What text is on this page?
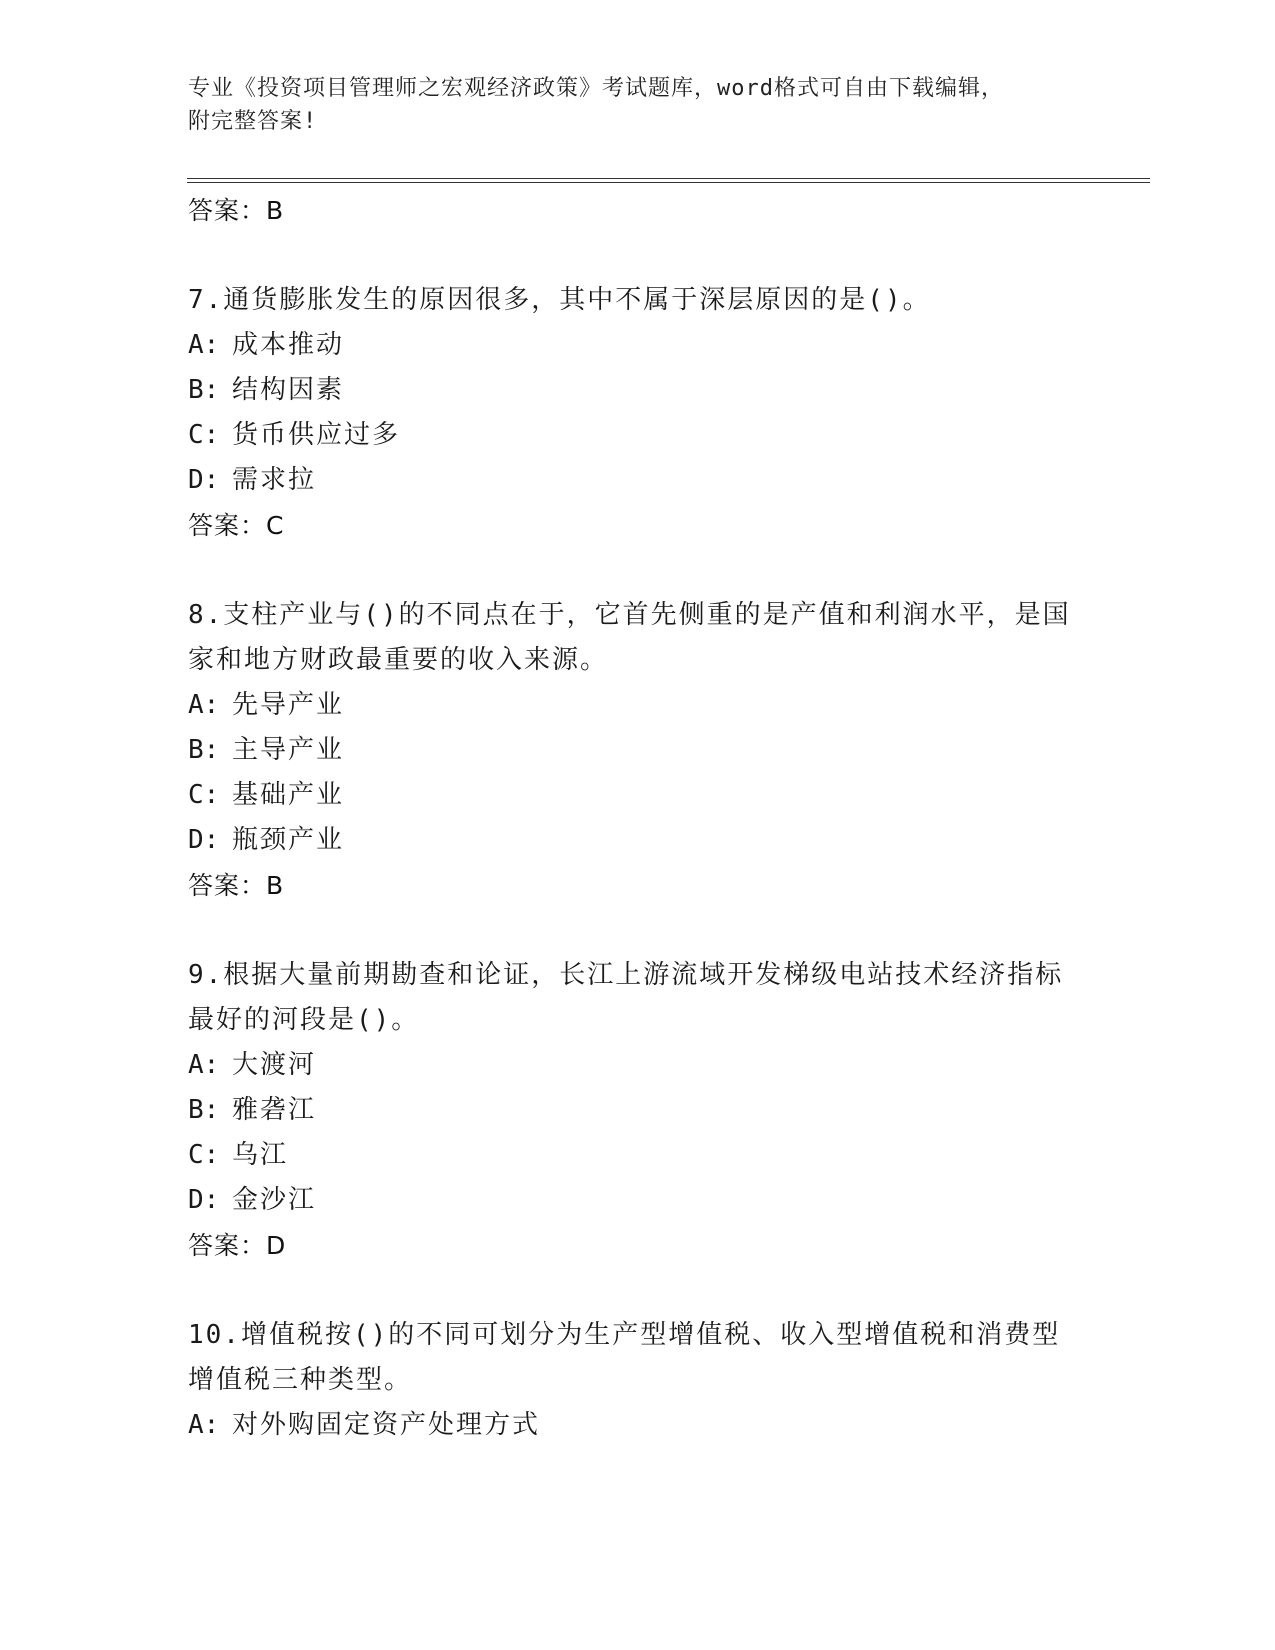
专业《投资项目管理师之宏观经济政策》考试题库，word格式可自由下载编辑，
附完整答案!
答案：B
7.通货膨胀发生的原因很多，其中不属于深层原因的是()。
A: 成本推动
B: 结构因素
C: 货币供应过多
D: 需求拉
答案：C
8.支柱产业与()的不同点在于，它首先侧重的是产值和利润水平，是国家和地方财政最重要的收入来源。
A: 先导产业
B: 主导产业
C: 基础产业
D: 瓶颈产业
答案：B
9.根据大量前期勘查和论证，长江上游流域开发梯级电站技术经济指标最好的河段是()。
A: 大渡河
B: 雅砻江
C: 乌江
D: 金沙江
答案：D
10.增值税按()的不同可划分为生产型增值税、收入型增值税和消费型增值税三种类型。
A: 对外购固定资产处理方式
